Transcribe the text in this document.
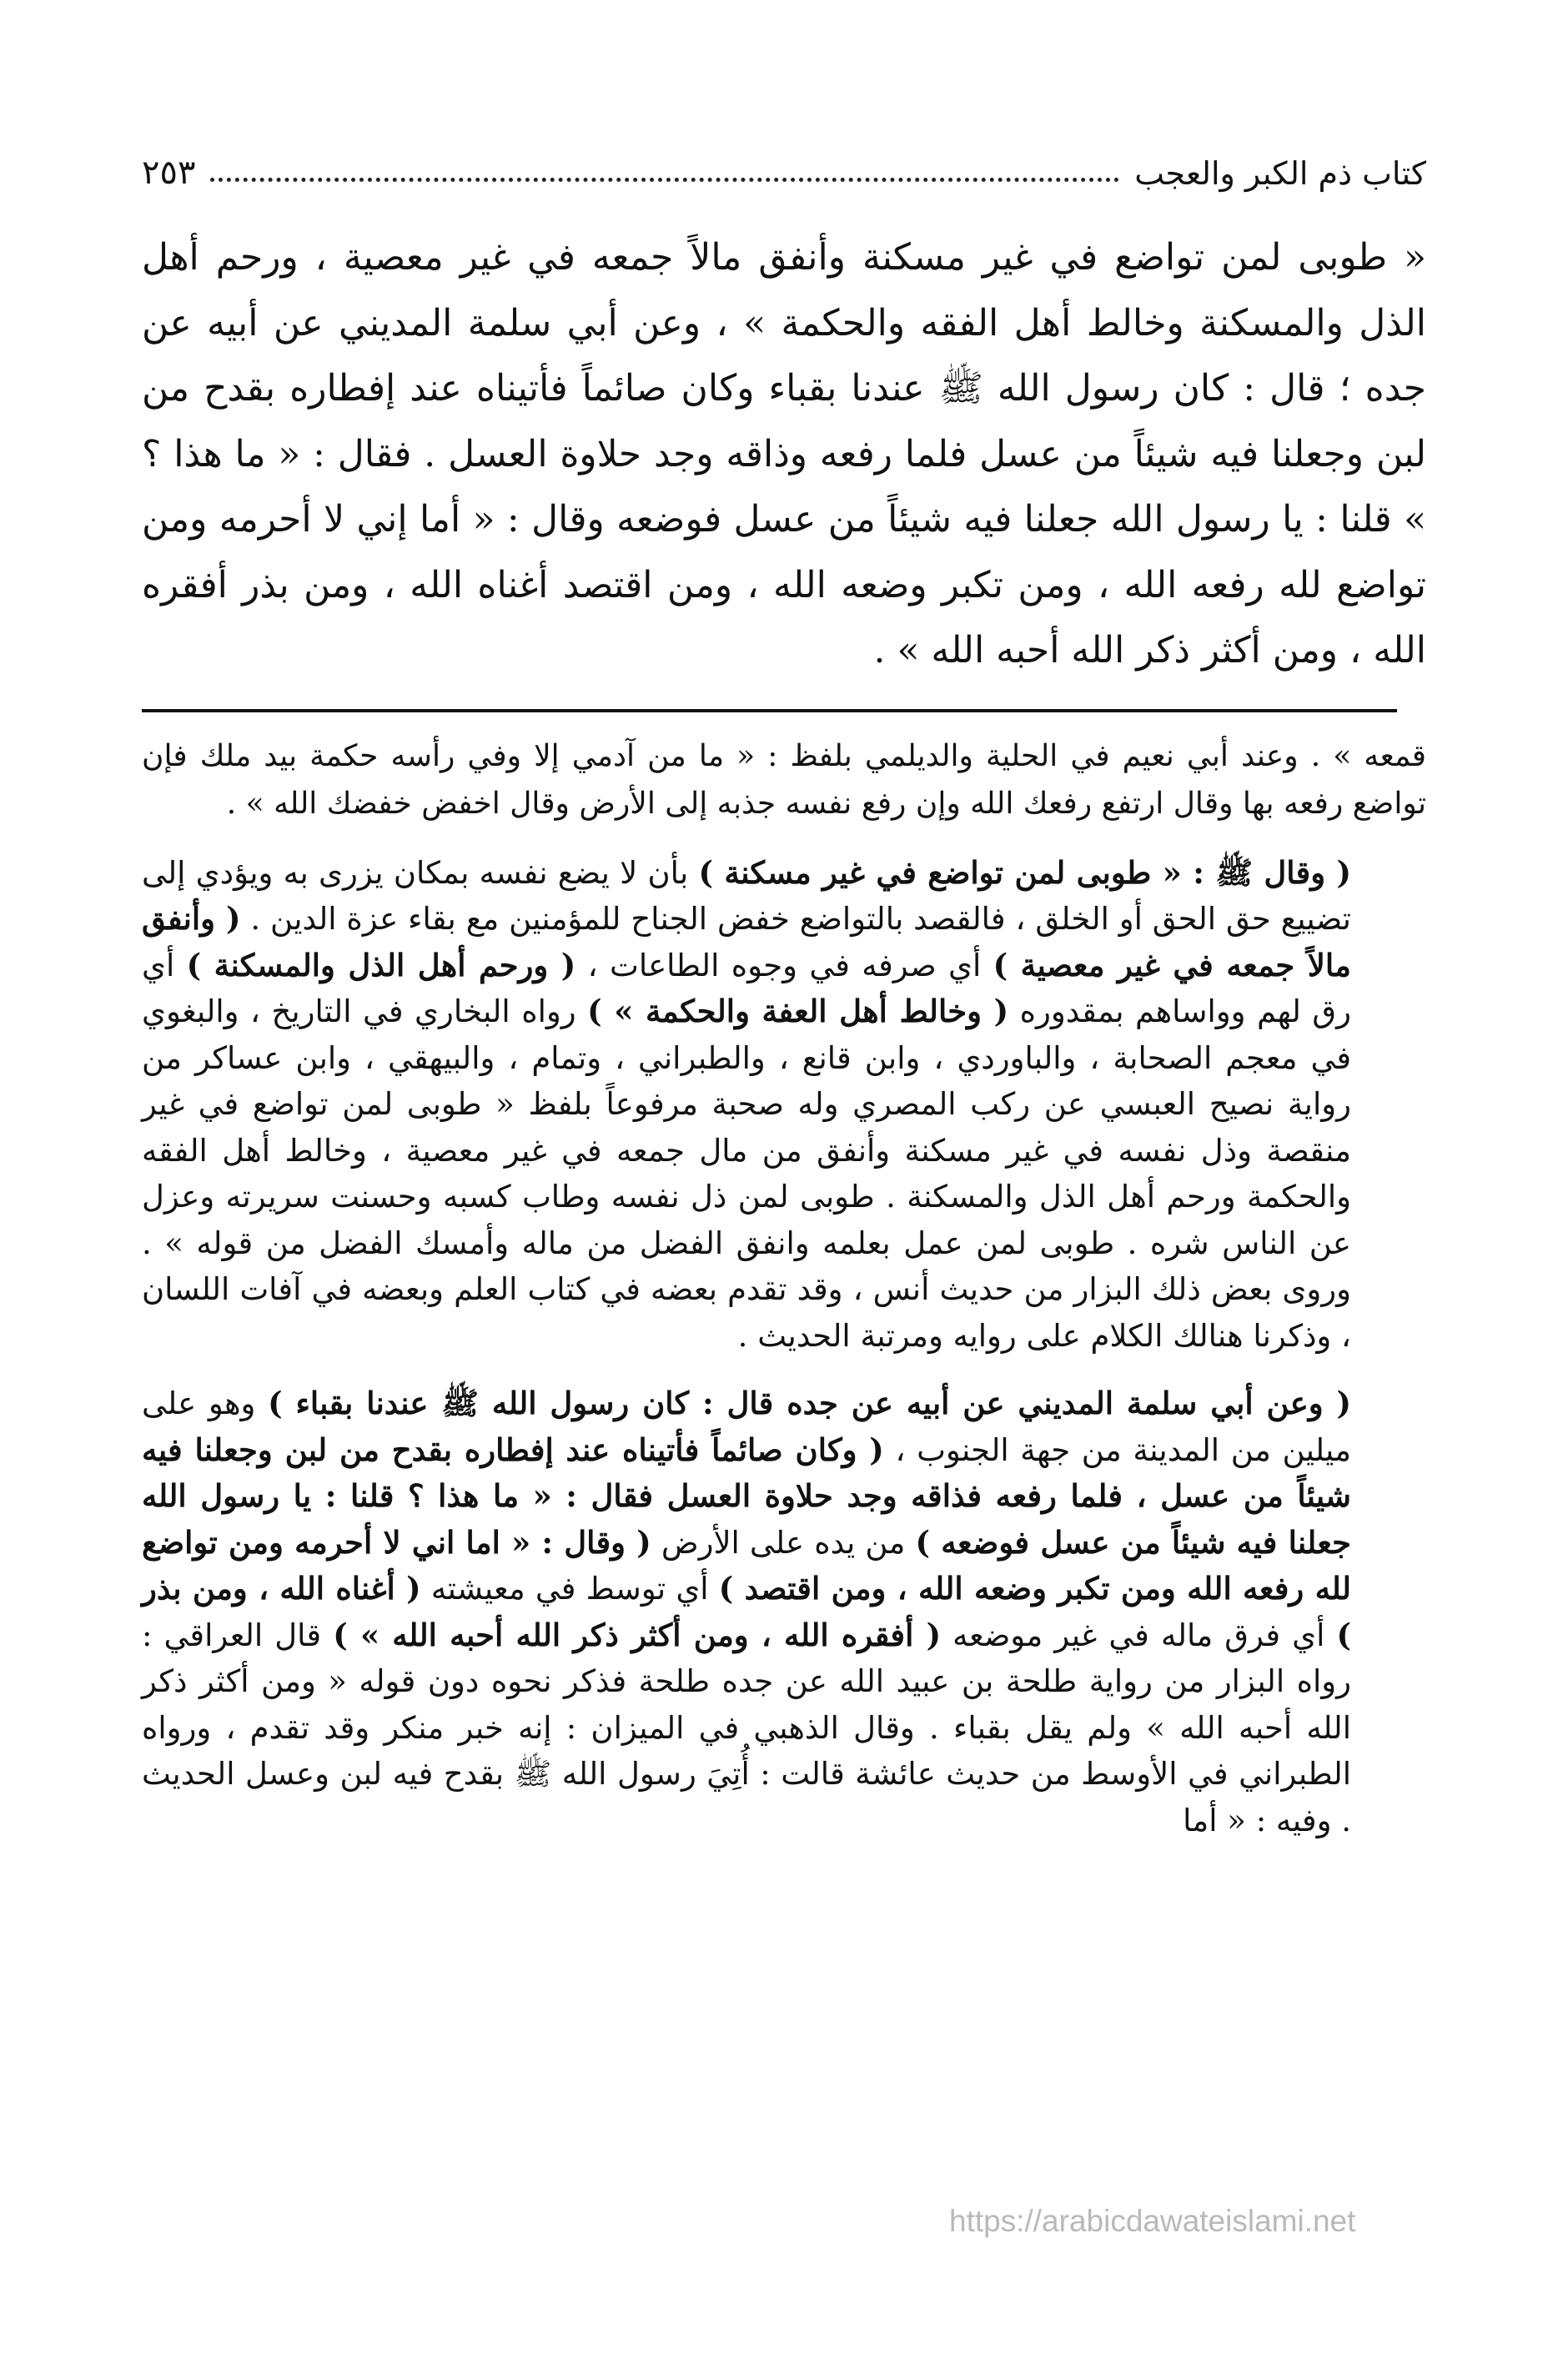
كتاب ذم الكبر والعجب
٢٥٣

« طوبى لمن تواضع في غير مسكنة وأنفق مالاً جمعه في غير معصية ، ورحم أهل الذل والمسكنة وخالط أهل الفقه والحكمة » ، وعن أبي سلمة المديني عن أبيه عن جده ؛ قال : كان رسول الله ﷺ عندنا بقباء وكان صائماً فأتيناه عند إفطاره بقدح من لبن وجعلنا فيه شيئاً من عسل فلما رفعه وذاقه وجد حلاوة العسل . فقال : « ما هذا ؟ » قلنا : يا رسول الله جعلنا فيه شيئاً من عسل فوضعه وقال : « أما إني لا أحرمه ومن تواضع لله رفعه الله ، ومن تكبر وضعه الله ، ومن اقتصد أغناه الله ، ومن بذر أفقره الله ، ومن أكثر ذكر الله أحبه الله » .

قمعه » . وعند أبي نعيم في الحلية والديلمي بلفظ : « ما من آدمي إلا وفي رأسه حكمة بيد ملك فإن تواضع رفعه بها وقال ارتفع رفعك الله وإن رفع نفسه جذبه إلى الأرض وقال اخفض خفضك الله » .

( وقال ﷺ : « طوبى لمن تواضع في غير مسكنة ) بأن لا يضع نفسه بمكان يزرى به ويؤدي إلى تضييع حق الحق أو الخلق ، فالقصد بالتواضع خفض الجناح للمؤمنين مع بقاء عزة الدين . ( وأنفق مالاً جمعه في غير معصية ) أي صرفه في وجوه الطاعات ، ( ورحم أهل الذل والمسكنة ) أي رق لهم وواساهم بمقدوره ( وخالط أهل العفة والحكمة » ) رواه البخاري في التاريخ ، والبغوي في معجم الصحابة ، والباوردي ، وابن قانع ، والطبراني ، وتمام ، والبيهقي ، وابن عساكر من رواية نصيح العبسي عن ركب المصري وله صحبة مرفوعاً بلفظ « طوبى لمن تواضع في غير منقصة وذل نفسه في غير مسكنة وأنفق من مال جمعه في غير معصية ، وخالط أهل الفقه والحكمة ورحم أهل الذل والمسكنة . طوبى لمن ذل نفسه وطاب كسبه وحسنت سريرته وعزل عن الناس شره . طوبى لمن عمل بعلمه وانفق الفضل من ماله وأمسك الفضل من قوله » . وروى بعض ذلك البزار من حديث أنس ، وقد تقدم بعضه في كتاب العلم وبعضه في آفات اللسان ، وذكرنا هنالك الكلام على روايه ومرتبة الحديث .

( وعن أبي سلمة المديني عن أبيه عن جده قال : كان رسول الله ﷺ عندنا بقباء ) وهو على ميلين من المدينة من جهة الجنوب ، ( وكان صائماً فأتيناه عند إفطاره بقدح من لبن وجعلنا فيه شيئاً من عسل ، فلما رفعه فذاقه وجد حلاوة العسل فقال : « ما هذا ؟ قلنا : يا رسول الله جعلنا فيه شيئاً من عسل فوضعه ) من يده على الأرض ( وقال : « اما اني لا أحرمه ومن تواضع لله رفعه الله ومن تكبر وضعه الله ، ومن اقتصد ) أي توسط في معيشته ( أغناه الله ، ومن بذر ) أي فرق ماله في غير موضعه ( أفقره الله ، ومن أكثر ذكر الله أحبه الله » ) قال العراقي : رواه البزار من رواية طلحة بن عبيد الله عن جده طلحة فذكر نحوه دون قوله « ومن أكثر ذكر الله أحبه الله » ولم يقل بقباء . وقال الذهبي في الميزان : إنه خبر منكر وقد تقدم ، ورواه الطبراني في الأوسط من حديث عائشة قالت : أُتِيَ رسول الله ﷺ بقدح فيه لبن وعسل الحديث . وفيه : « أما

https://arabicdawateislami.net
